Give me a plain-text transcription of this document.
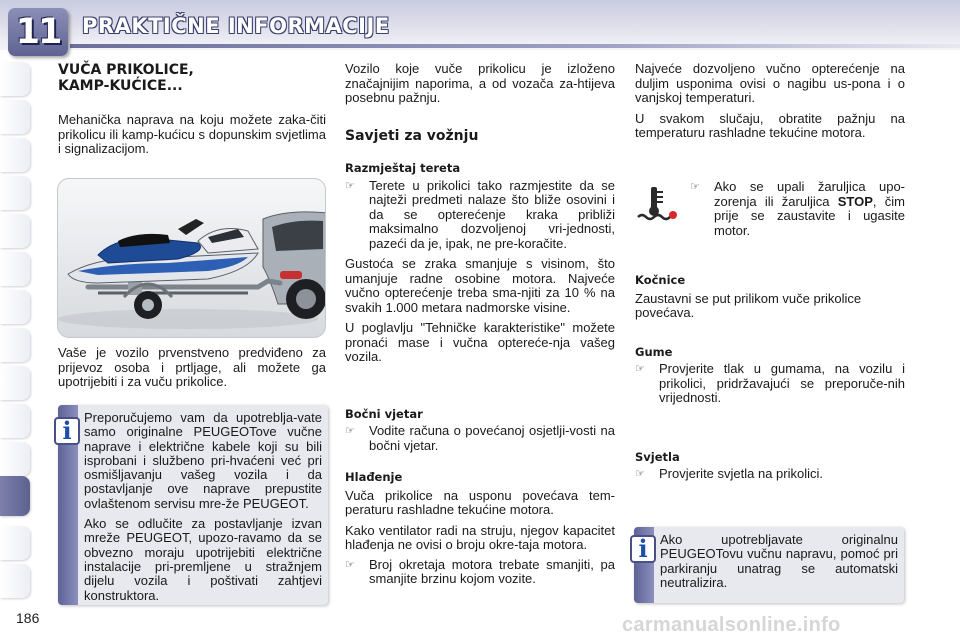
11	PRAKTIČNE INFORMACIJE
VUČA PRIKOLICE,
KAMP-KUĆICE...

Mehanička naprava na koju možete zaka-čiti prikolicu ili kamp-kućicu s dopunskim svjetlima i signalizacijom.

Vaše je vozilo prvenstveno predviđeno za prijevoz osoba i prtljage, ali možete ga upotrijebiti i za vuču prikolice.

i Preporučujemo vam da upotreblja-vate samo originalne PEUGEOTove vučne naprave i električne kabele koji su bili isprobani i službeno pri-hvaćeni već pri osmišljavanju vašeg vozila i da postavljanje ove naprave prepustite ovlaštenom servisu mre-že PEUGEOT.

Ako se odlučite za postavljanje izvan mreže PEUGEOT, upozo-ravamo da se obvezno moraju upotrijebiti električne instalacije pri-premljene u stražnjem dijelu vozila i poštivati zahtjevi konstruktora.

Vozilo koje vuče prikolicu je izloženo značajnijim naporima, a od vozača za-htijeva posebnu pažnju.

Savjeti za vožnju
Razmještaj tereta
☞	Terete u prikolici tako razmjestite da se najteži predmeti nalaze što bliže osovini i da se opterećenje kraka približi maksimalno dozvoljenoj vri-jednosti, pazeći da je, ipak, ne pre-koračite.

Gustoća se zraka smanjuje s visinom, što umanjuje radne osobine motora. Najveće vučno opterećenje treba sma-njiti za 10 % na svakih 1.000 metara nadmorske visine.

U poglavlju "Tehničke karakteristike" možete pronaći mase i vučna optereće-nja vašeg vozila.

Bočni vjetar
☞	Vodite računa o povećanoj osjetlji-vosti na bočni vjetar.
Hlađenje

Vuča prikolice na usponu povećava tem-peraturu rashladne tekućine motora.

Kako ventilator radi na struju, njegov kapacitet hlađenja ne ovisi o broju okre-taja motora.

☞	Broj okretaja motora trebate smanjiti, pa smanjite brzinu kojom vozite.

Najveće dozvoljeno vučno opterećenje na duljim usponima ovisi o nagibu us-pona i o vanjskoj temperaturi.

U svakom slučaju, obratite pažnju na temperaturu rashladne tekućine motora.

☞	Ako se upali žaruljica upo-zorenja ili žaruljica STOP, čim prije se zaustavite i ugasite motor.
Kočnice

Zaustavni se put prilikom vuče prikolice povećava.

Gume
☞	Provjerite tlak u gumama, na vozilu i prikolici, pridržavajući se preporuče-nih vrijednosti.
Svjetla
☞	Provjerite svjetla na prikolici.
i Ako upotrebljavate originalnu PEUGEOTovu vučnu napravu, pomoć pri parkiranju unatrag se automatski neutralizira.

186	carmanualsonline.info
